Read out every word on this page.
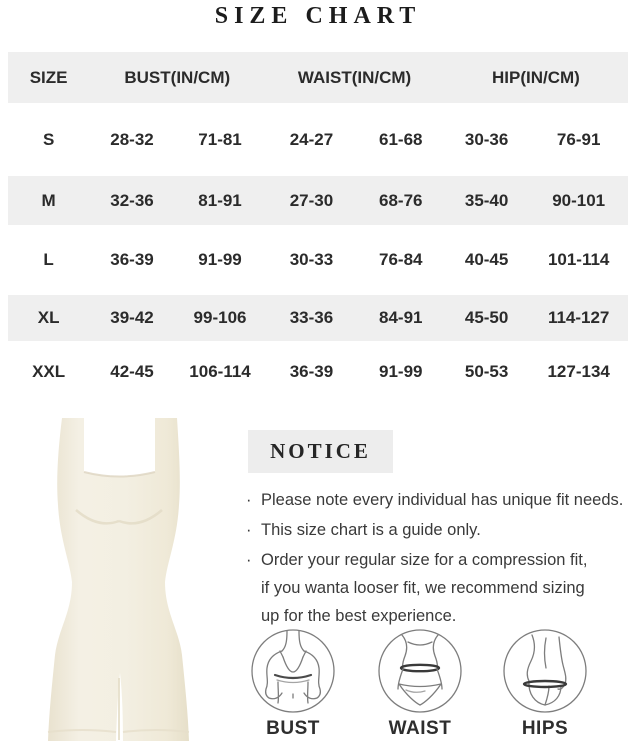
SIZE CHART
SIZE	BUST(IN/CM)	WAIST(IN/CM)	HIP(IN/CM)
S	28-32	71-81	24-27	61-68	30-36	76-91
M	32-36	81-91	27-30	68-76	35-40	90-101
L	36-39	91-99	30-33	76-84	40-45	101-114
XL	39-42	99-106	33-36	84-91	45-50	114-127
XXL	42-45	106-114	36-39	91-99	50-53	127-134
NOTICE
· Please note every individual has unique fit needs.
· This size chart is a guide only.
· Order your regular size for a compression fit,
if you wanta looser fit, we recommend sizing
up for the best experience.
BUST	WAIST	HIPS
